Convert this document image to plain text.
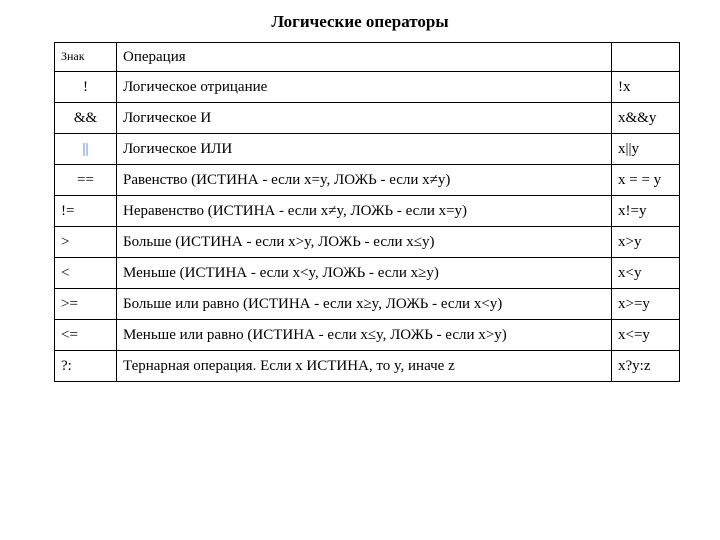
Логические операторы
Знак	Операция	
!	Логическое отрицание	!x
&&	Логическое И	x&&y
||	Логическое ИЛИ	x||y
==	Равенство (ИСТИНА - если x=y, ЛОЖЬ - если x≠y)	x = = y
!=	Неравенство (ИСТИНА - если x≠y, ЛОЖЬ - если x=y)	x!=y
>	Больше (ИСТИНА - если x>y, ЛОЖЬ - если x≤y)	x>y
<	Меньше (ИСТИНА - если x<y, ЛОЖЬ - если x≥y)	x<y
>=	Больше или равно (ИСТИНА - если x≥y, ЛОЖЬ - если x<y)	x>=y
<=	Меньше или равно (ИСТИНА - если x≤y, ЛОЖЬ - если x>y)	x<=y
?:	Тернарная операция. Если x ИСТИНА, то y, иначе z	x?y:z
